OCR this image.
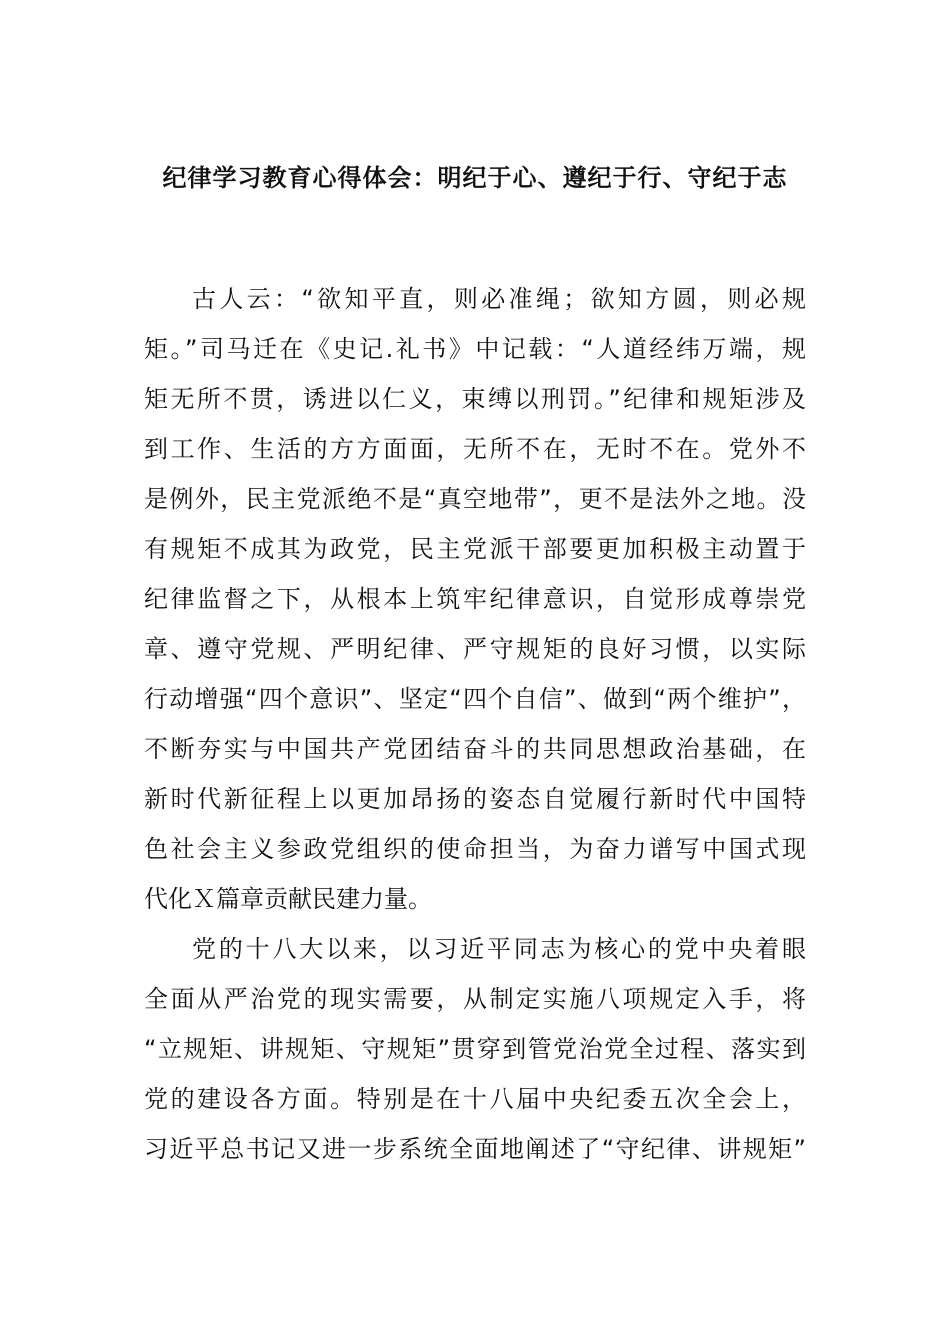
纪律学习教育心得体会：明纪于心、遵纪于行、守纪于志
古人云：“欲知平直，则必准绳；欲知方圆，则必规
矩。”司马迁在《史记.礼书》中记载：“人道经纬万端，规
矩无所不贯，诱进以仁义，束缚以刑罚。”纪律和规矩涉及
到工作、生活的方方面面，无所不在，无时不在。党外不
是例外，民主党派绝不是“真空地带”，更不是法外之地。没
有规矩不成其为政党，民主党派干部要更加积极主动置于
纪律监督之下，从根本上筑牢纪律意识，自觉形成尊崇党
章、遵守党规、严明纪律、严守规矩的良好习惯，以实际
行动增强“四个意识”、坚定“四个自信”、做到“两个维护”，
不断夯实与中国共产党团结奋斗的共同思想政治基础，在
新时代新征程上以更加昂扬的姿态自觉履行新时代中国特
色社会主义参政党组织的使命担当，为奋力谱写中国式现
代化Ｘ篇章贡献民建力量。
党的十八大以来，以习近平同志为核心的党中央着眼
全面从严治党的现实需要，从制定实施八项规定入手，将
“立规矩、讲规矩、守规矩”贯穿到管党治党全过程、落实到
党的建设各方面。特别是在十八届中央纪委五次全会上，
习近平总书记又进一步系统全面地阐述了“守纪律、讲规矩”
